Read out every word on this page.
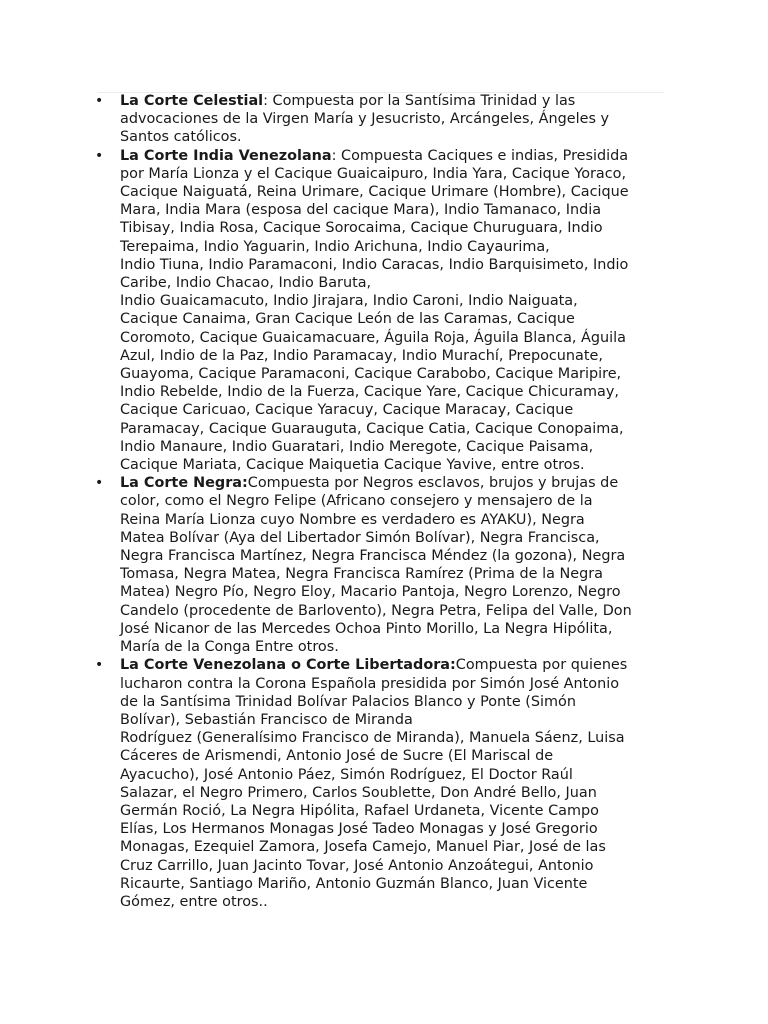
• La Corte Celestial: Compuesta por la Santísima Trinidad y las
advocaciones de la Virgen María y Jesucristo, Arcángeles, Ángeles y
Santos católicos.
• La Corte India Venezolana: Compuesta Caciques e indias, Presidida
por María Lionza y el Cacique Guaicaipuro, India Yara, Cacique Yoraco,
Cacique Naiguatá, Reina Urimare, Cacique Urimare (Hombre), Cacique
Mara, India Mara (esposa del cacique Mara), Indio Tamanaco, India
Tibisay, India Rosa, Cacique Sorocaima, Cacique Churuguara, Indio
Terepaima, Indio Yaguarin, Indio Arichuna, Indio Cayaurima,
Indio Tiuna, Indio Paramaconi, Indio Caracas, Indio Barquisimeto, Indio
Caribe, Indio Chacao, Indio Baruta,
Indio Guaicamacuto, Indio Jirajara, Indio Caroni, Indio Naiguata,
Cacique Canaima, Gran Cacique León de las Caramas, Cacique
Coromoto, Cacique Guaicamacuare, Águila Roja, Águila Blanca, Águila
Azul, Indio de la Paz, Indio Paramacay, Indio Murachí, Prepocunate,
Guayoma, Cacique Paramaconi, Cacique Carabobo, Cacique Maripire,
Indio Rebelde, Indio de la Fuerza, Cacique Yare, Cacique Chicuramay,
Cacique Caricuao, Cacique Yaracuy, Cacique Maracay, Cacique
Paramacay, Cacique Guarauguta, Cacique Catia, Cacique Conopaima,
Indio Manaure, Indio Guaratari, Indio Meregote, Cacique Paisama,
Cacique Mariata, Cacique Maiquetia Cacique Yavive, entre otros.
• La Corte Negra:Compuesta por Negros esclavos, brujos y brujas de
color, como el Negro Felipe (Africano consejero y mensajero de la
Reina María Lionza cuyo Nombre es verdadero es AYAKU), Negra
Matea Bolívar (Aya del Libertador Simón Bolívar), Negra Francisca,
Negra Francisca Martínez, Negra Francisca Méndez (la gozona), Negra
Tomasa, Negra Matea, Negra Francisca Ramírez (Prima de la Negra
Matea) Negro Pío, Negro Eloy, Macario Pantoja, Negro Lorenzo, Negro
Candelo (procedente de Barlovento), Negra Petra, Felipa del Valle, Don
José Nicanor de las Mercedes Ochoa Pinto Morillo, La Negra Hipólita,
María de la Conga Entre otros.
• La Corte Venezolana o Corte Libertadora:Compuesta por quienes
lucharon contra la Corona Española presidida por Simón José Antonio
de la Santísima Trinidad Bolívar Palacios Blanco y Ponte (Simón
Bolívar), Sebastián Francisco de Miranda
Rodríguez (Generalísimo Francisco de Miranda), Manuela Sáenz, Luisa
Cáceres de Arismendi, Antonio José de Sucre (El Mariscal de
Ayacucho), José Antonio Páez, Simón Rodríguez, El Doctor Raúl
Salazar, el Negro Primero, Carlos Soublette, Don André Bello, Juan
Germán Roció, La Negra Hipólita, Rafael Urdaneta, Vicente Campo
Elías, Los Hermanos Monagas José Tadeo Monagas y José Gregorio
Monagas, Ezequiel Zamora, Josefa Camejo, Manuel Piar, José de las
Cruz Carrillo, Juan Jacinto Tovar, José Antonio Anzoátegui, Antonio
Ricaurte, Santiago Mariño, Antonio Guzmán Blanco, Juan Vicente
Gómez, entre otros..
